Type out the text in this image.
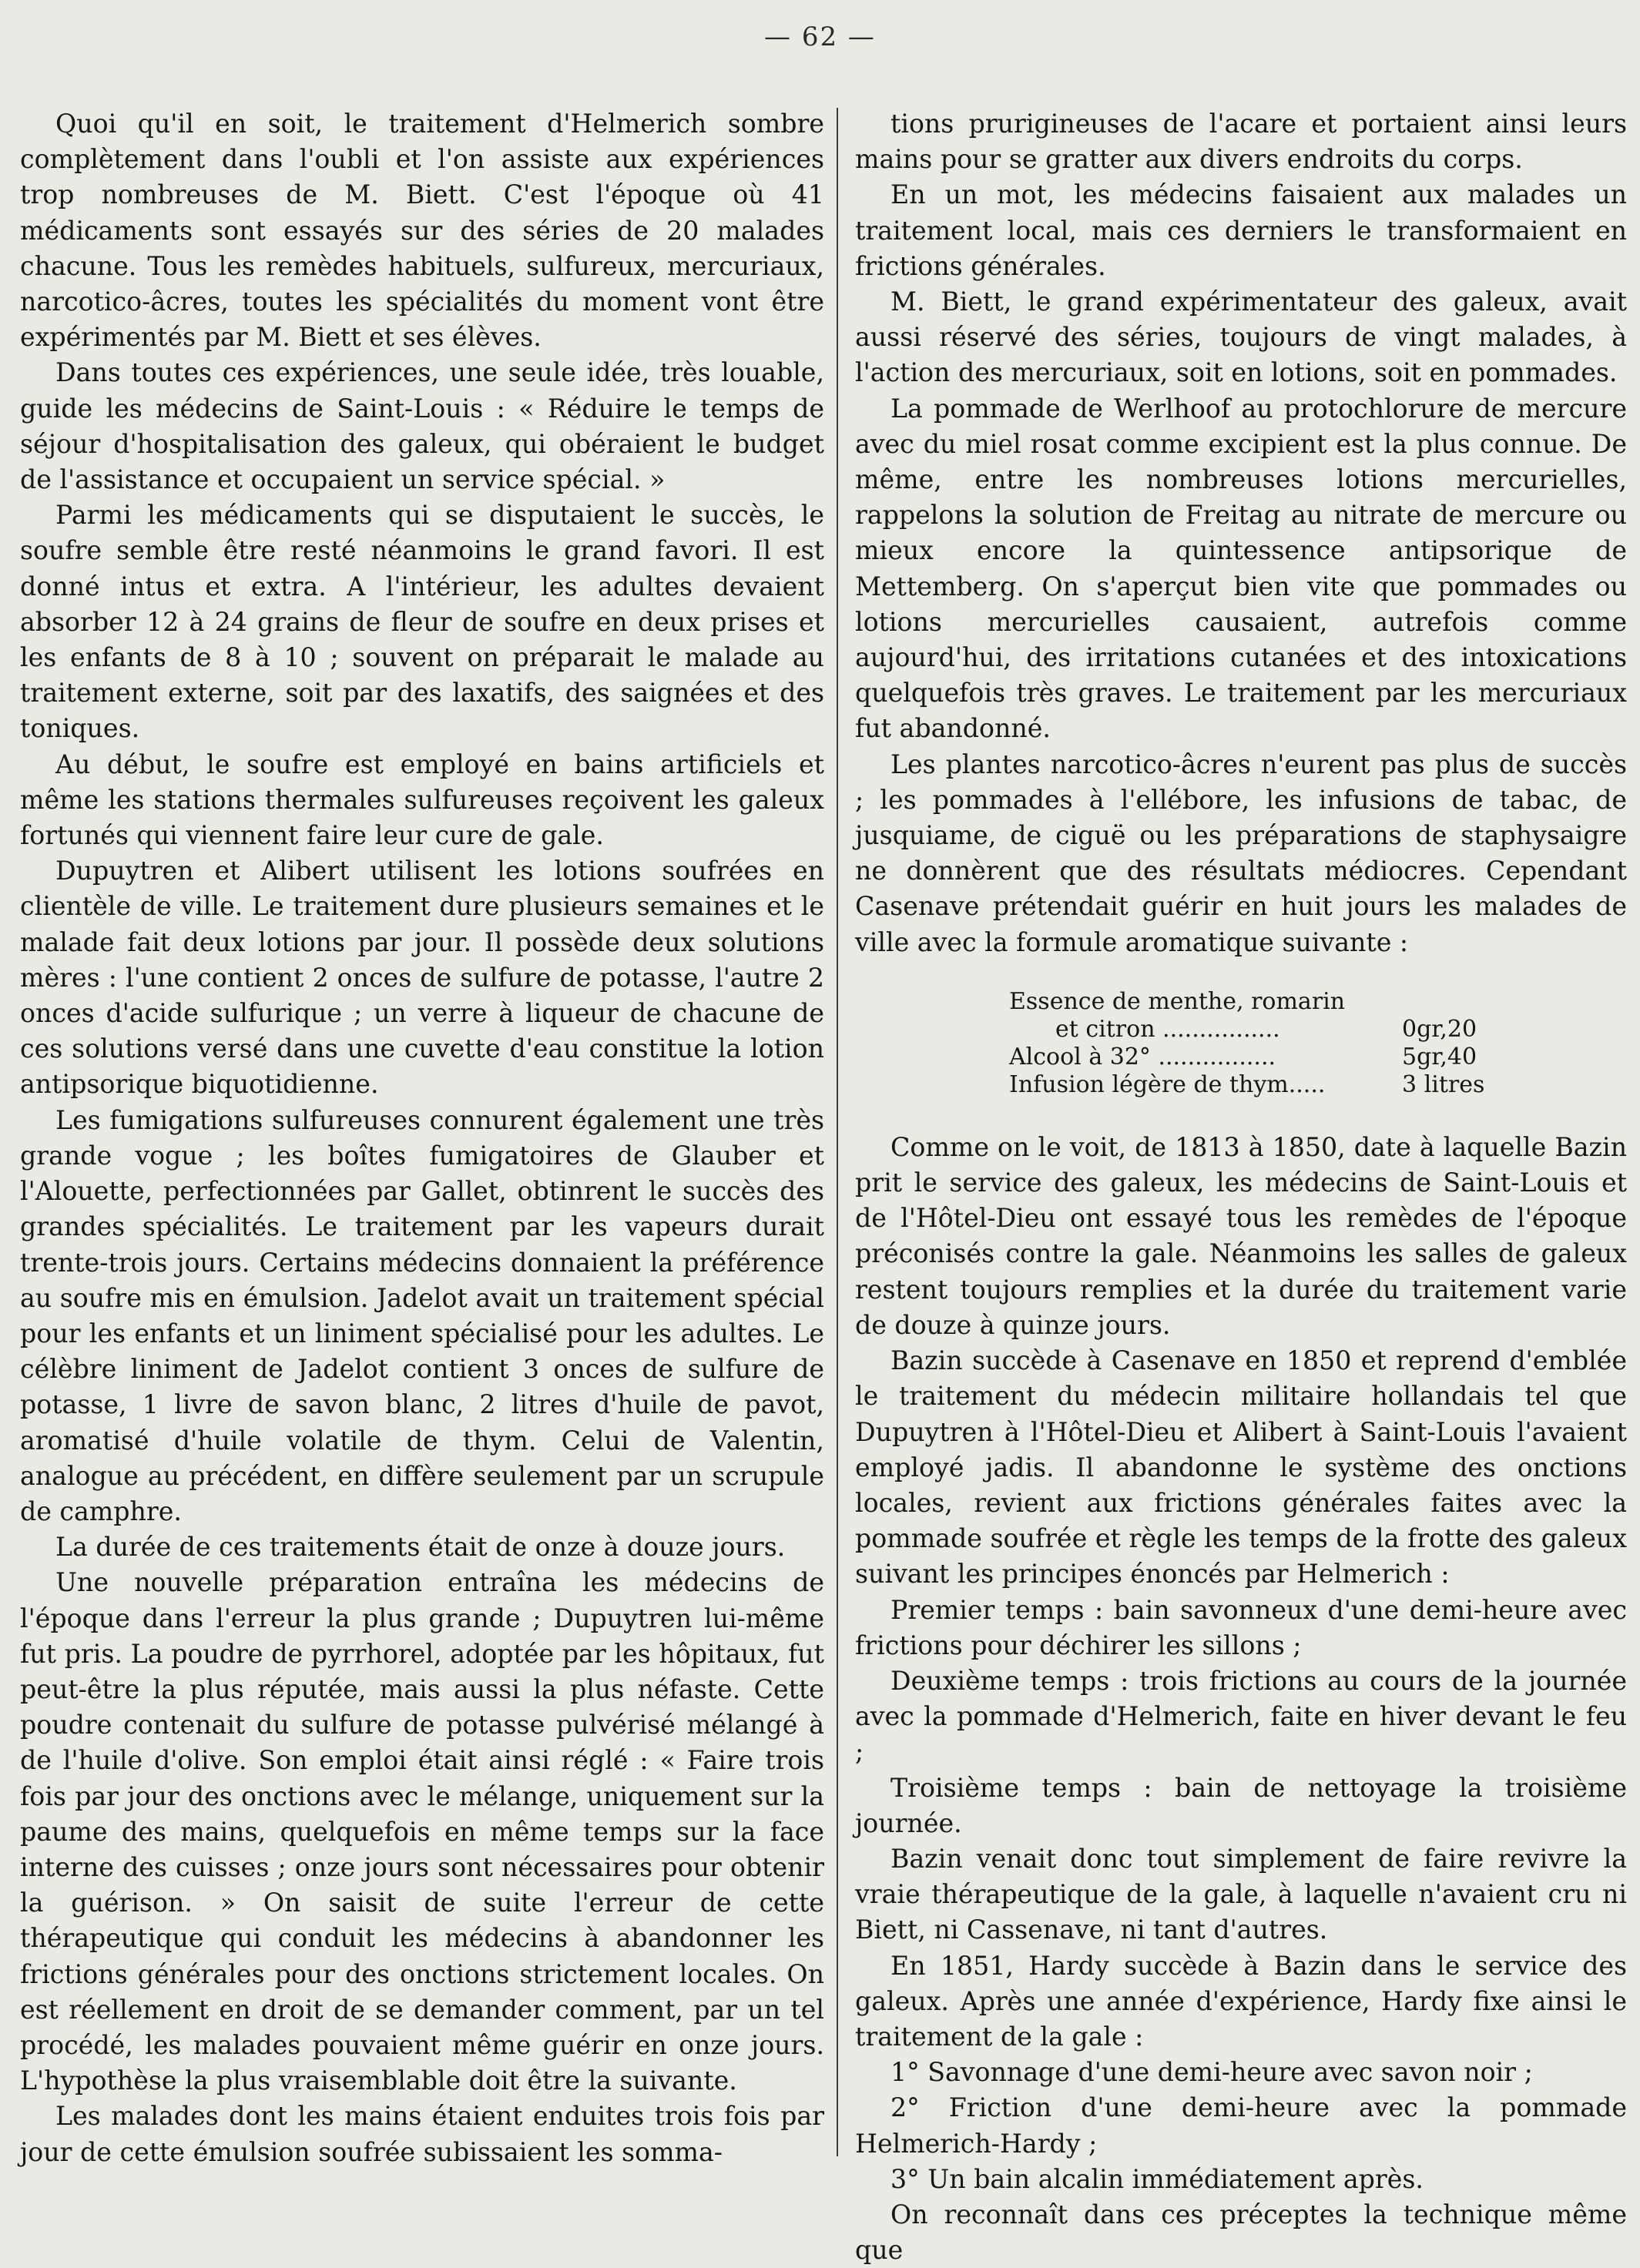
— 62 —

Quoi qu'il en soit, le traitement d'Helmerich sombre complètement dans l'oubli et l'on assiste aux expériences trop nombreuses de M. Biett. C'est l'époque où 41 médicaments sont essayés sur des séries de 20 malades chacune. Tous les remèdes habituels, sulfureux, mercuriaux, narcotico-âcres, toutes les spécialités du moment vont être expérimentés par M. Biett et ses élèves.

Dans toutes ces expériences, une seule idée, très louable, guide les médecins de Saint-Louis : « Réduire le temps de séjour d'hospitalisation des galeux, qui obéraient le budget de l'assistance et occupaient un service spécial. »

Parmi les médicaments qui se disputaient le succès, le soufre semble être resté néanmoins le grand favori. Il est donné intus et extra. A l'intérieur, les adultes devaient absorber 12 à 24 grains de fleur de soufre en deux prises et les enfants de 8 à 10 ; souvent on préparait le malade au traitement externe, soit par des laxatifs, des saignées et des toniques.

Au début, le soufre est employé en bains artificiels et même les stations thermales sulfureuses reçoivent les galeux fortunés qui viennent faire leur cure de gale.

Dupuytren et Alibert utilisent les lotions soufrées en clientèle de ville. Le traitement dure plusieurs semaines et le malade fait deux lotions par jour. Il possède deux solutions mères : l'une contient 2 onces de sulfure de potasse, l'autre 2 onces d'acide sulfurique ; un verre à liqueur de chacune de ces solutions versé dans une cuvette d'eau constitue la lotion antipsorique biquotidienne.

Les fumigations sulfureuses connurent également une très grande vogue ; les boîtes fumigatoires de Glauber et l'Alouette, perfectionnées par Gallet, obtinrent le succès des grandes spécialités. Le traitement par les vapeurs durait trente-trois jours. Certains médecins donnaient la préférence au soufre mis en émulsion. Jadelot avait un traitement spécial pour les enfants et un liniment spécialisé pour les adultes. Le célèbre liniment de Jadelot contient 3 onces de sulfure de potasse, 1 livre de savon blanc, 2 litres d'huile de pavot, aromatisé d'huile volatile de thym. Celui de Valentin, analogue au précédent, en diffère seulement par un scrupule de camphre.

La durée de ces traitements était de onze à douze jours.

Une nouvelle préparation entraîna les médecins de l'époque dans l'erreur la plus grande ; Dupuytren lui-même fut pris. La poudre de pyrrhorel, adoptée par les hôpitaux, fut peut-être la plus réputée, mais aussi la plus néfaste. Cette poudre contenait du sulfure de potasse pulvérisé mélangé à de l'huile d'olive. Son emploi était ainsi réglé : « Faire trois fois par jour des onctions avec le mélange, uniquement sur la paume des mains, quelquefois en même temps sur la face interne des cuisses ; onze jours sont nécessaires pour obtenir la guérison. » On saisit de suite l'erreur de cette thérapeutique qui conduit les médecins à abandonner les frictions générales pour des onctions strictement locales. On est réellement en droit de se demander comment, par un tel procédé, les malades pouvaient même guérir en onze jours. L'hypothèse la plus vraisemblable doit être la suivante.

Les malades dont les mains étaient enduites trois fois par jour de cette émulsion soufrée subissaient les somma-

tions prurigineuses de l'acare et portaient ainsi leurs mains pour se gratter aux divers endroits du corps.

En un mot, les médecins faisaient aux malades un traitement local, mais ces derniers le transformaient en frictions générales.

M. Biett, le grand expérimentateur des galeux, avait aussi réservé des séries, toujours de vingt malades, à l'action des mercuriaux, soit en lotions, soit en pommades.

La pommade de Werlhoof au protochlorure de mercure avec du miel rosat comme excipient est la plus connue. De même, entre les nombreuses lotions mercurielles, rappelons la solution de Freitag au nitrate de mercure ou mieux encore la quintessence antipsorique de Mettemberg. On s'aperçut bien vite que pommades ou lotions mercurielles causaient, autrefois comme aujourd'hui, des irritations cutanées et des intoxications quelquefois très graves. Le traitement par les mercuriaux fut abandonné.

Les plantes narcotico-âcres n'eurent pas plus de succès ; les pommades à l'ellébore, les infusions de tabac, de jusquiame, de ciguë ou les préparations de staphysaigre ne donnèrent que des résultats médiocres. Cependant Casenave prétendait guérir en huit jours les malades de ville avec la formule aromatique suivante :

Essence de menthe, romarin
et citron ................	0gr,20
Alcool à 32° ................	5gr,40
Infusion légère de thym.....	3 litres

Comme on le voit, de 1813 à 1850, date à laquelle Bazin prit le service des galeux, les médecins de Saint-Louis et de l'Hôtel-Dieu ont essayé tous les remèdes de l'époque préconisés contre la gale. Néanmoins les salles de galeux restent toujours remplies et la durée du traitement varie de douze à quinze jours.

Bazin succède à Casenave en 1850 et reprend d'emblée le traitement du médecin militaire hollandais tel que Dupuytren à l'Hôtel-Dieu et Alibert à Saint-Louis l'avaient employé jadis. Il abandonne le système des onctions locales, revient aux frictions générales faites avec la pommade soufrée et règle les temps de la frotte des galeux suivant les principes énoncés par Helmerich :

Premier temps : bain savonneux d'une demi-heure avec frictions pour déchirer les sillons ;

Deuxième temps : trois frictions au cours de la journée avec la pommade d'Helmerich, faite en hiver devant le feu ;

Troisième temps : bain de nettoyage la troisième journée.

Bazin venait donc tout simplement de faire revivre la vraie thérapeutique de la gale, à laquelle n'avaient cru ni Biett, ni Cassenave, ni tant d'autres.

En 1851, Hardy succède à Bazin dans le service des galeux. Après une année d'expérience, Hardy fixe ainsi le traitement de la gale :

1° Savonnage d'une demi-heure avec savon noir ;

2° Friction d'une demi-heure avec la pommade Helmerich-Hardy ;

3° Un bain alcalin immédiatement après.

On reconnaît dans ces préceptes la technique même que
